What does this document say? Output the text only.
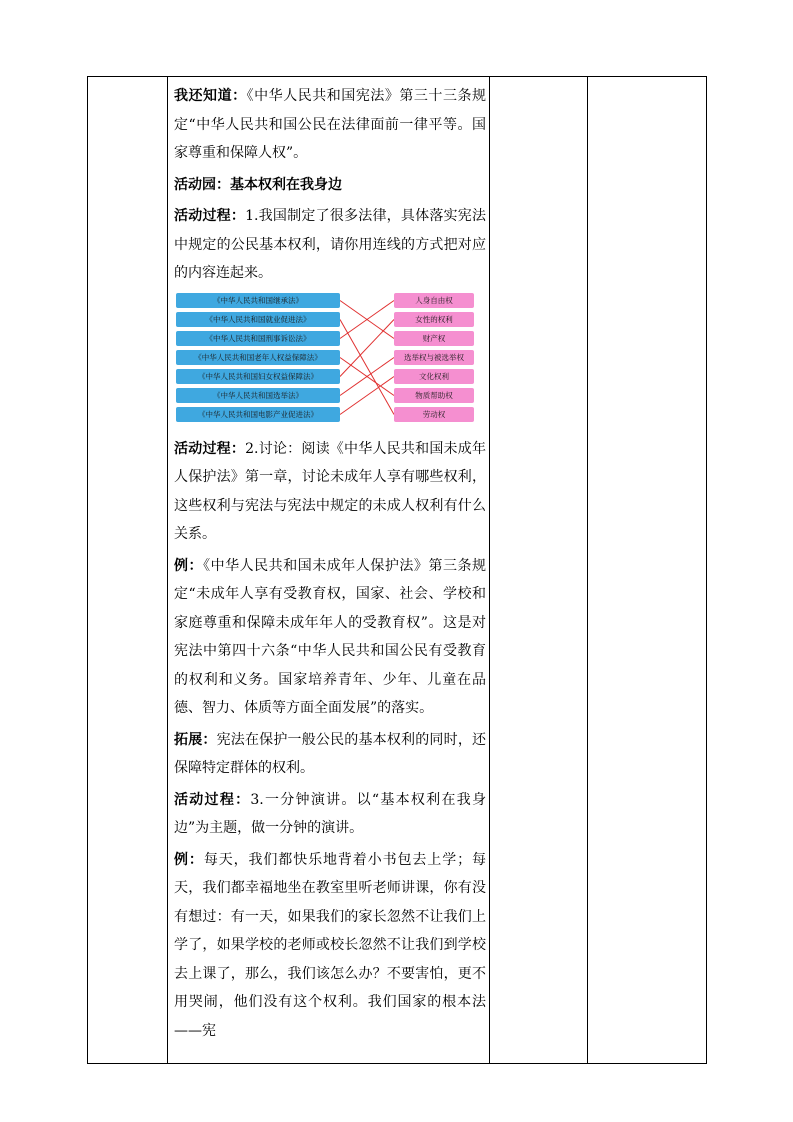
我还知道：《中华人民共和国宪法》第三十三条规定“中华人民共和国公民在法律面前一律平等。国家尊重和保障人权”。

活动园：基本权利在我身边

活动过程：1.我国制定了很多法律，具体落实宪法中规定的公民基本权利，请你用连线的方式把对应的内容连起来。

《中华人民共和国继承法》
《中华人民共和国就业促进法》
《中华人民共和国刑事诉讼法》
《中华人民共和国老年人权益保障法》
《中华人民共和国妇女权益保障法》
《中华人民共和国选举法》
《中华人民共和国电影产业促进法》
人身自由权
女性的权利
财产权
选举权与被选举权
文化权利
物质帮助权
劳动权

活动过程：2.讨论：阅读《中华人民共和国未成年人保护法》第一章，讨论未成年人享有哪些权利，这些权利与宪法与宪法中规定的未成人权利有什么关系。

例：《中华人民共和国未成年人保护法》第三条规定“未成年人享有受教育权，国家、社会、学校和家庭尊重和保障未成年年人的受教育权”。这是对宪法中第四十六条“中华人民共和国公民有受教育的权利和义务。国家培养青年、少年、儿童在品德、智力、体质等方面全面发展”的落实。

拓展：宪法在保护一般公民的基本权利的同时，还保障特定群体的权利。

活动过程：3.一分钟演讲。以“基本权利在我身边”为主题，做一分钟的演讲。

例：每天，我们都快乐地背着小书包去上学；每天，我们都幸福地坐在教室里听老师讲课，你有没有想过：有一天，如果我们的家长忽然不让我们上学了，如果学校的老师或校长忽然不让我们到学校去上课了，那么，我们该怎么办？不要害怕，更不用哭闹，他们没有这个权利。我们国家的根本法——宪
